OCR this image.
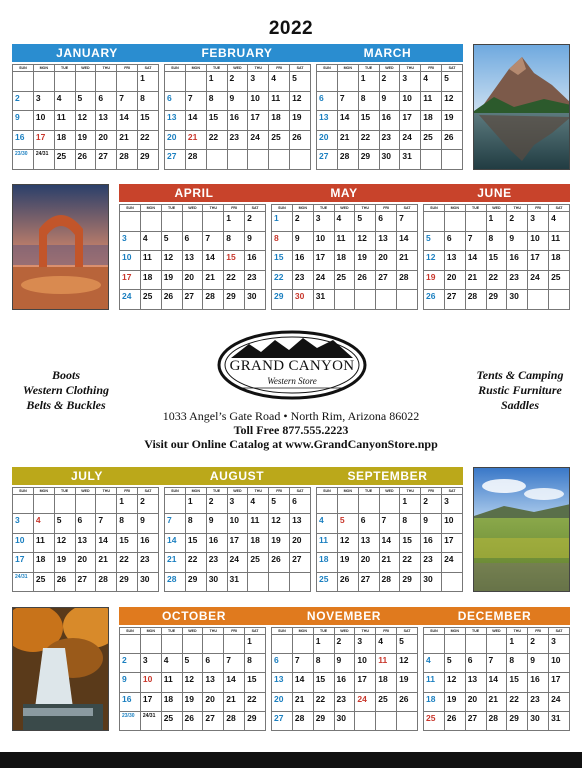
2022
JANUARY	FEBRUARY	MARCH
SUN	MON	TUE	WED	THU	FRI	SAT
						1
2	3	4	5	6	7	8
9	10	11	12	13	14	15
16	17	18	19	20	21	22
23/30	24/31	25	26	27	28	29
SUN	MON	TUE	WED	THU	FRI	SAT
		1	2	3	4	5
6	7	8	9	10	11	12
13	14	15	16	17	18	19
20	21	22	23	24	25	26
27	28					
SUN	MON	TUE	WED	THU	FRI	SAT
		1	2	3	4	5
6	7	8	9	10	11	12
13	14	15	16	17	18	19
20	21	22	23	24	25	26
27	28	29	30	31		
APRIL	MAY	JUNE
SUN	MON	TUE	WED	THU	FRI	SAT
					1	2
3	4	5	6	7	8	9
10	11	12	13	14	15	16
17	18	19	20	21	22	23
24	25	26	27	28	29	30
SUN	MON	TUE	WED	THU	FRI	SAT
1	2	3	4	5	6	7
8	9	10	11	12	13	14
15	16	17	18	19	20	21
22	23	24	25	26	27	28
29	30	31				
SUN	MON	TUE	WED	THU	FRI	SAT
			1	2	3	4
5	6	7	8	9	10	11
12	13	14	15	16	17	18
19	20	21	22	23	24	25
26	27	28	29	30		
GRAND CANYON
Western Store
Boots
Western Clothing
Belts & Buckles
Tents & Camping
Rustic Furniture
Saddles
1033 Angel’s Gate Road • North Rim, Arizona 86022
Toll Free 877.555.2223
Visit our Online Catalog at www.GrandCanyonStore.npp
JULY	AUGUST	SEPTEMBER
SUN	MON	TUE	WED	THU	FRI	SAT
					1	2
3	4	5	6	7	8	9
10	11	12	13	14	15	16
17	18	19	20	21	22	23
24/31	25	26	27	28	29	30
SUN	MON	TUE	WED	THU	FRI	SAT
	1	2	3	4	5	6
7	8	9	10	11	12	13
14	15	16	17	18	19	20
21	22	23	24	25	26	27
28	29	30	31			
SUN	MON	TUE	WED	THU	FRI	SAT
				1	2	3
4	5	6	7	8	9	10
11	12	13	14	15	16	17
18	19	20	21	22	23	24
25	26	27	28	29	30	
OCTOBER	NOVEMBER	DECEMBER
SUN	MON	TUE	WED	THU	FRI	SAT
						1
2	3	4	5	6	7	8
9	10	11	12	13	14	15
16	17	18	19	20	21	22
23/30	24/31	25	26	27	28	29
SUN	MON	TUE	WED	THU	FRI	SAT
		1	2	3	4	5
6	7	8	9	10	11	12
13	14	15	16	17	18	19
20	21	22	23	24	25	26
27	28	29	30			
SUN	MON	TUE	WED	THU	FRI	SAT
				1	2	3
4	5	6	7	8	9	10
11	12	13	14	15	16	17
18	19	20	21	22	23	24
25	26	27	28	29	30	31
